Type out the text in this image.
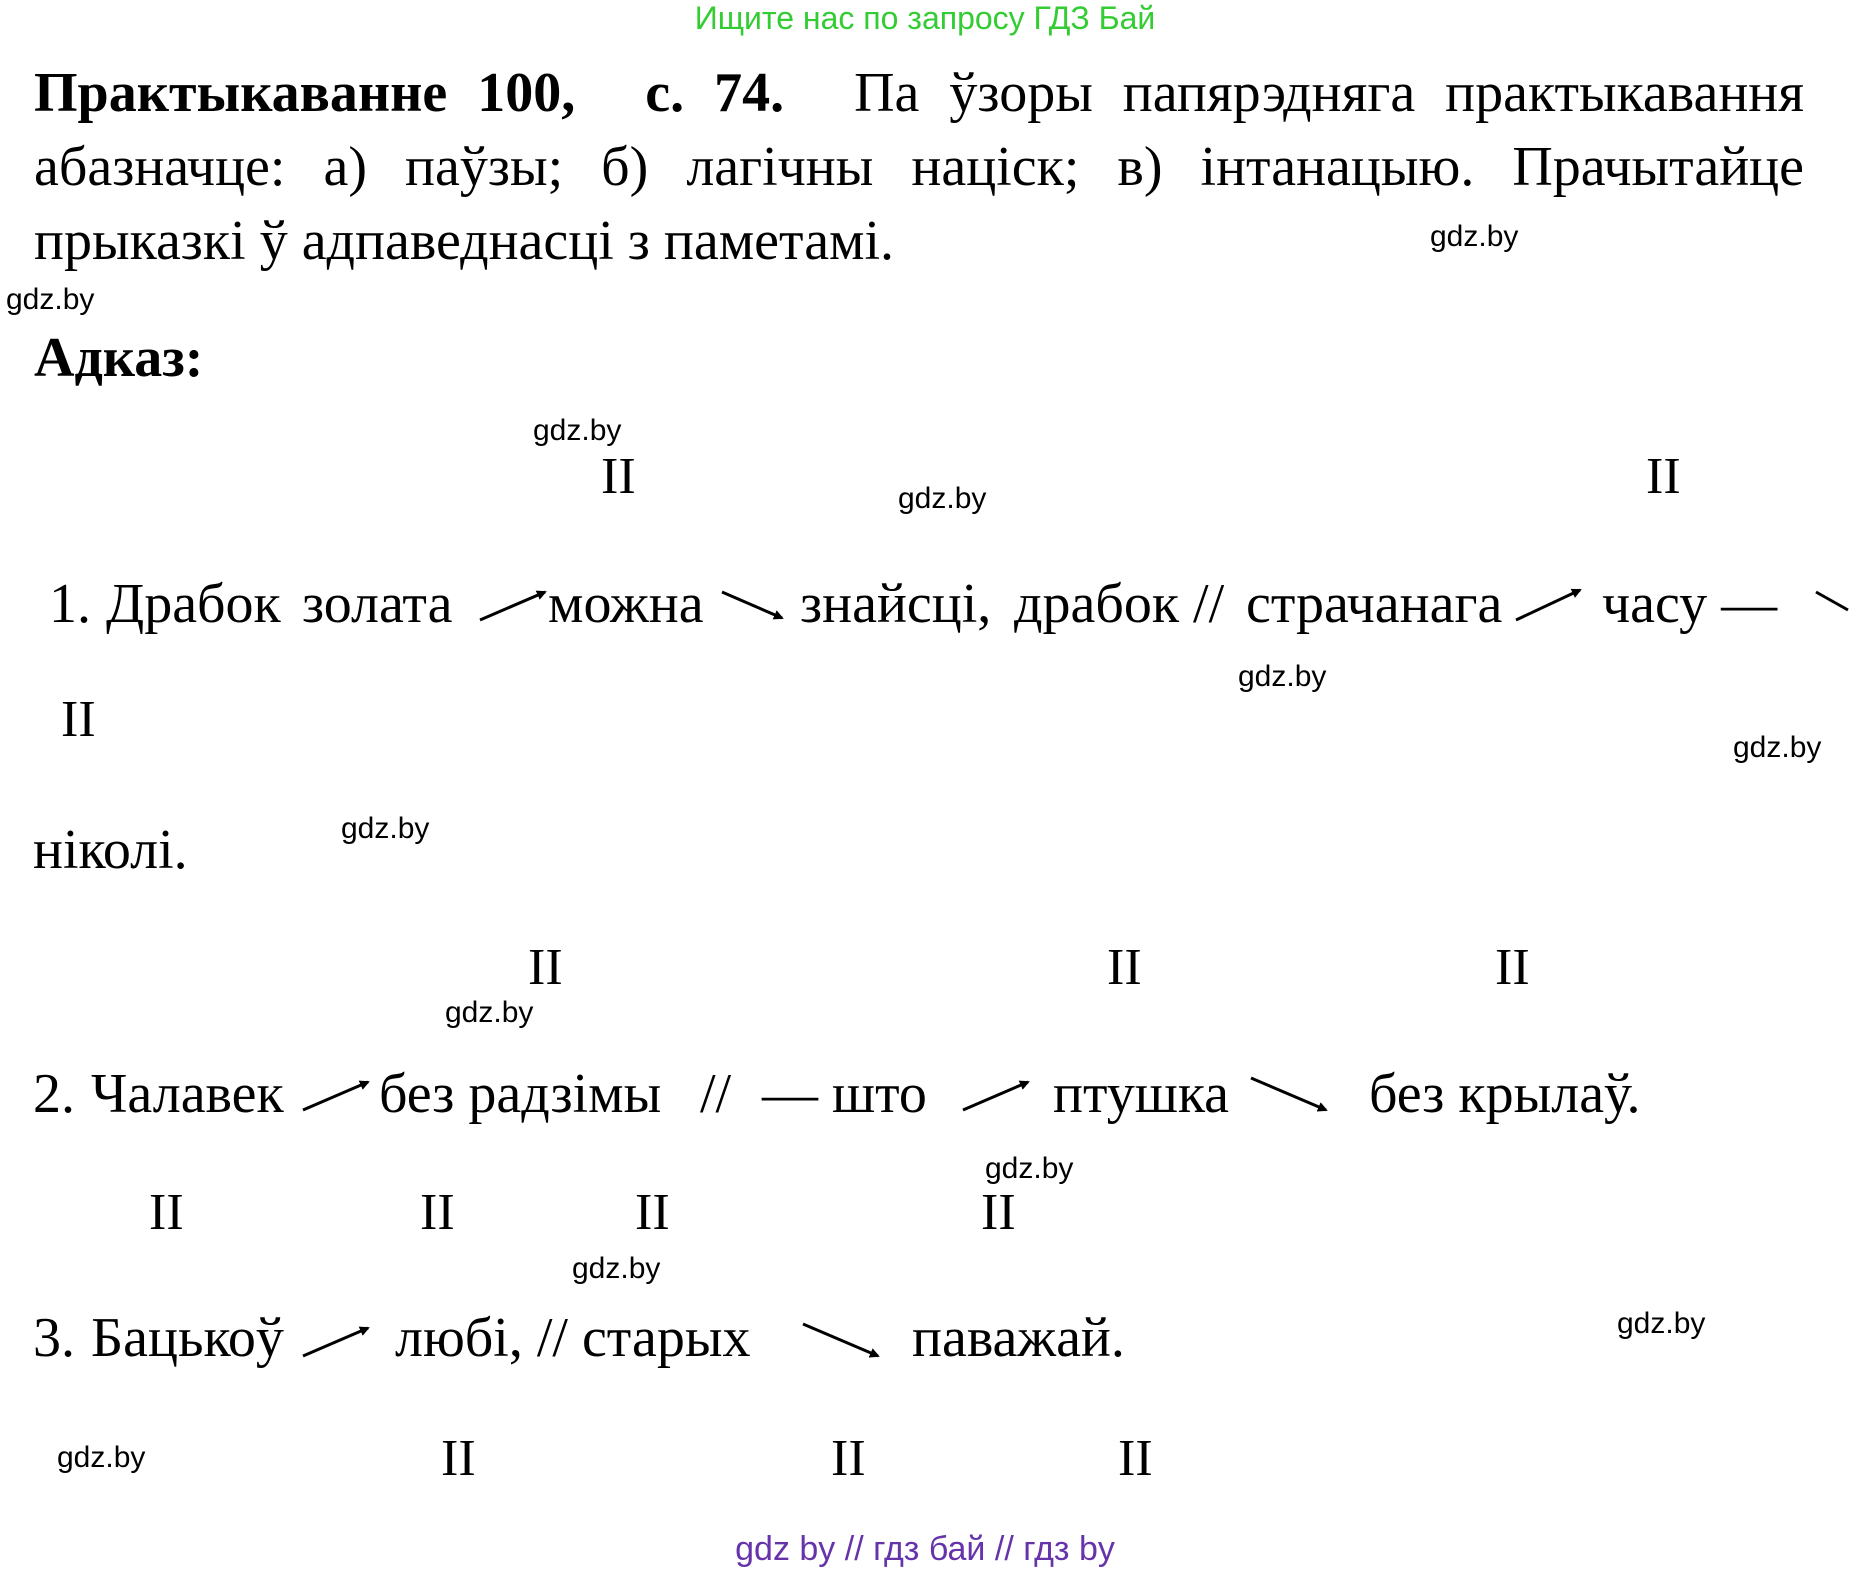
Ищите нас по запросу ГДЗ Бай
Практыкаванне 100, с. 74. Па ўзоры папярэдняга практыкавання абазначце: а) паўзы; б) лагічны націск; в) інтанацыю. Прачытайце прыказкі ў адпаведнасці з паметамі.
Адказ:
gdz.by
gdz.by
gdz.by
gdz.by
gdz.by
gdz.by
gdz.by
gdz.by
gdz.by
gdz.by
gdz.by
gdz.by
II	II
II
1. Драбок золата можна знайсці, драбок // страчанага часу —
ніколі.
II	II	II
2. Чалавек без радзімы // — што птушка без крылаў.
II	II	II	II
3. Бацькоў любі, // старых	паважай.
II	II	II
gdz by // гдз бай // гдз by
